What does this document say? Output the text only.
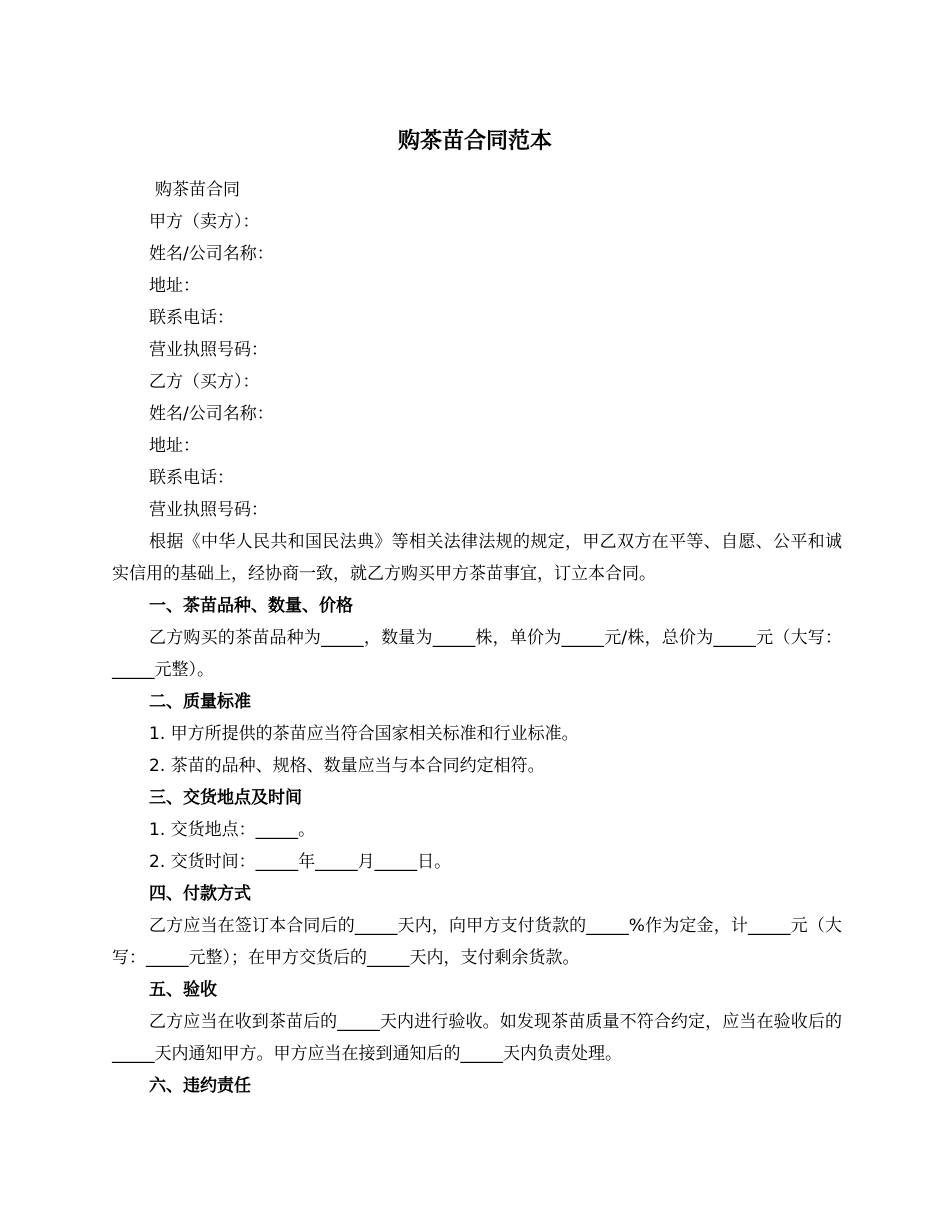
购茶苗合同范本
购茶苗合同
甲方（卖方）：
姓名/公司名称：
地址：
联系电话：
营业执照号码：
乙方（买方）：
姓名/公司名称：
地址：
联系电话：
营业执照号码：
根据《中华人民共和国民法典》等相关法律法规的规定，甲乙双方在平等、自愿、公平和诚实信用的基础上，经协商一致，就乙方购买甲方茶苗事宜，订立本合同。
一、茶苗品种、数量、价格
乙方购买的茶苗品种为_____，数量为_____株，单价为_____元/株，总价为_____元（大写：_____元整）。
二、质量标准
1. 甲方所提供的茶苗应当符合国家相关标准和行业标准。
2. 茶苗的品种、规格、数量应当与本合同约定相符。
三、交货地点及时间
1. 交货地点：_____。
2. 交货时间：_____年_____月_____日。
四、付款方式
乙方应当在签订本合同后的_____天内，向甲方支付货款的_____%作为定金，计_____元（大写：_____元整）；在甲方交货后的_____天内，支付剩余货款。
五、验收
乙方应当在收到茶苗后的_____天内进行验收。如发现茶苗质量不符合约定，应当在验收后的_____天内通知甲方。甲方应当在接到通知后的_____天内负责处理。
六、违约责任
